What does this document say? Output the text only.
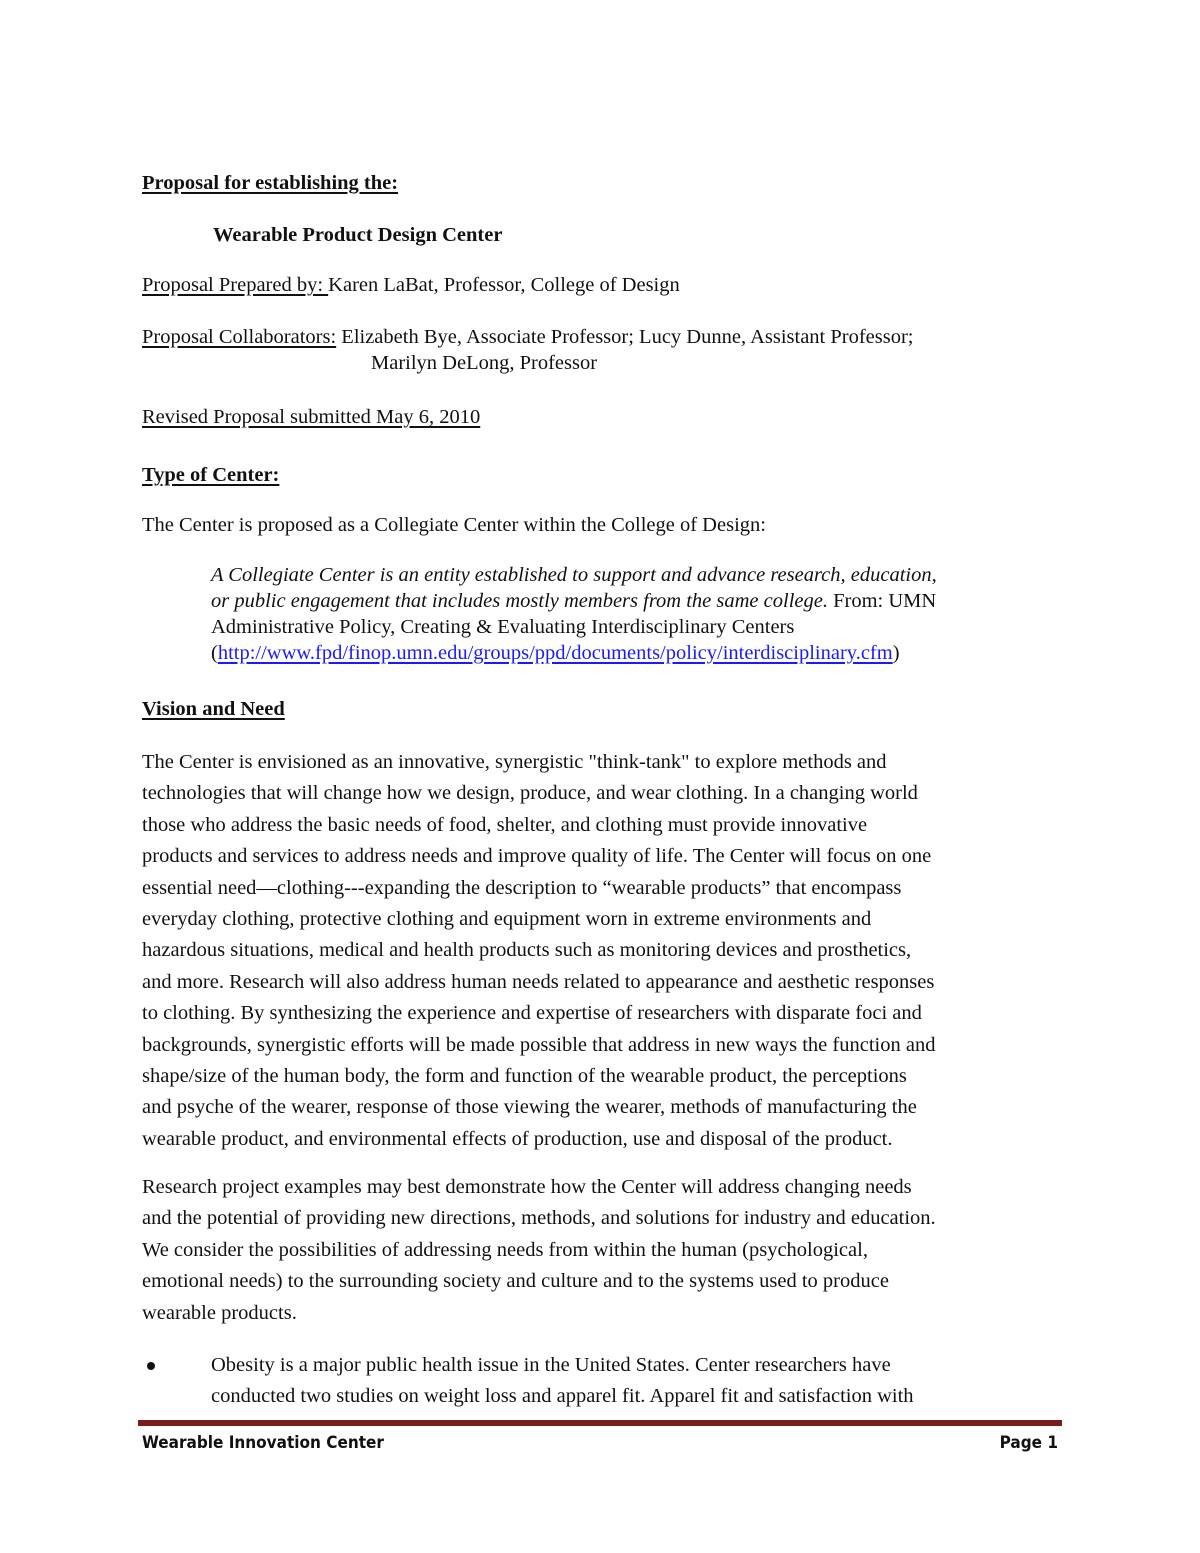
Proposal for establishing the:
Wearable Product Design Center
Proposal Prepared by: Karen LaBat, Professor, College of Design
Proposal Collaborators: Elizabeth Bye, Associate Professor; Lucy Dunne, Assistant Professor;
Marilyn DeLong, Professor
Revised Proposal submitted May 6, 2010
Type of Center:
The Center is proposed as a Collegiate Center within the College of Design:
A Collegiate Center is an entity established to support and advance research, education,
or public engagement that includes mostly members from the same college. From: UMN
Administrative Policy, Creating & Evaluating Interdisciplinary Centers
(http://www.fpd/finop.umn.edu/groups/ppd/documents/policy/interdisciplinary.cfm)
Vision and Need
The Center is envisioned as an innovative, synergistic "think-tank" to explore methods and
technologies that will change how we design, produce, and wear clothing. In a changing world
those who address the basic needs of food, shelter, and clothing must provide innovative
products and services to address needs and improve quality of life. The Center will focus on one
essential need—clothing---expanding the description to “wearable products” that encompass
everyday clothing, protective clothing and equipment worn in extreme environments and
hazardous situations, medical and health products such as monitoring devices and prosthetics,
and more. Research will also address human needs related to appearance and aesthetic responses
to clothing. By synthesizing the experience and expertise of researchers with disparate foci and
backgrounds, synergistic efforts will be made possible that address in new ways the function and
shape/size of the human body, the form and function of the wearable product, the perceptions
and psyche of the wearer, response of those viewing the wearer, methods of manufacturing the
wearable product, and environmental effects of production, use and disposal of the product.
Research project examples may best demonstrate how the Center will address changing needs
and the potential of providing new directions, methods, and solutions for industry and education.
We consider the possibilities of addressing needs from within the human (psychological,
emotional needs) to the surrounding society and culture and to the systems used to produce
wearable products.
Obesity is a major public health issue in the United States. Center researchers have
conducted two studies on weight loss and apparel fit. Apparel fit and satisfaction with
Wearable Innovation Center	Page 1
